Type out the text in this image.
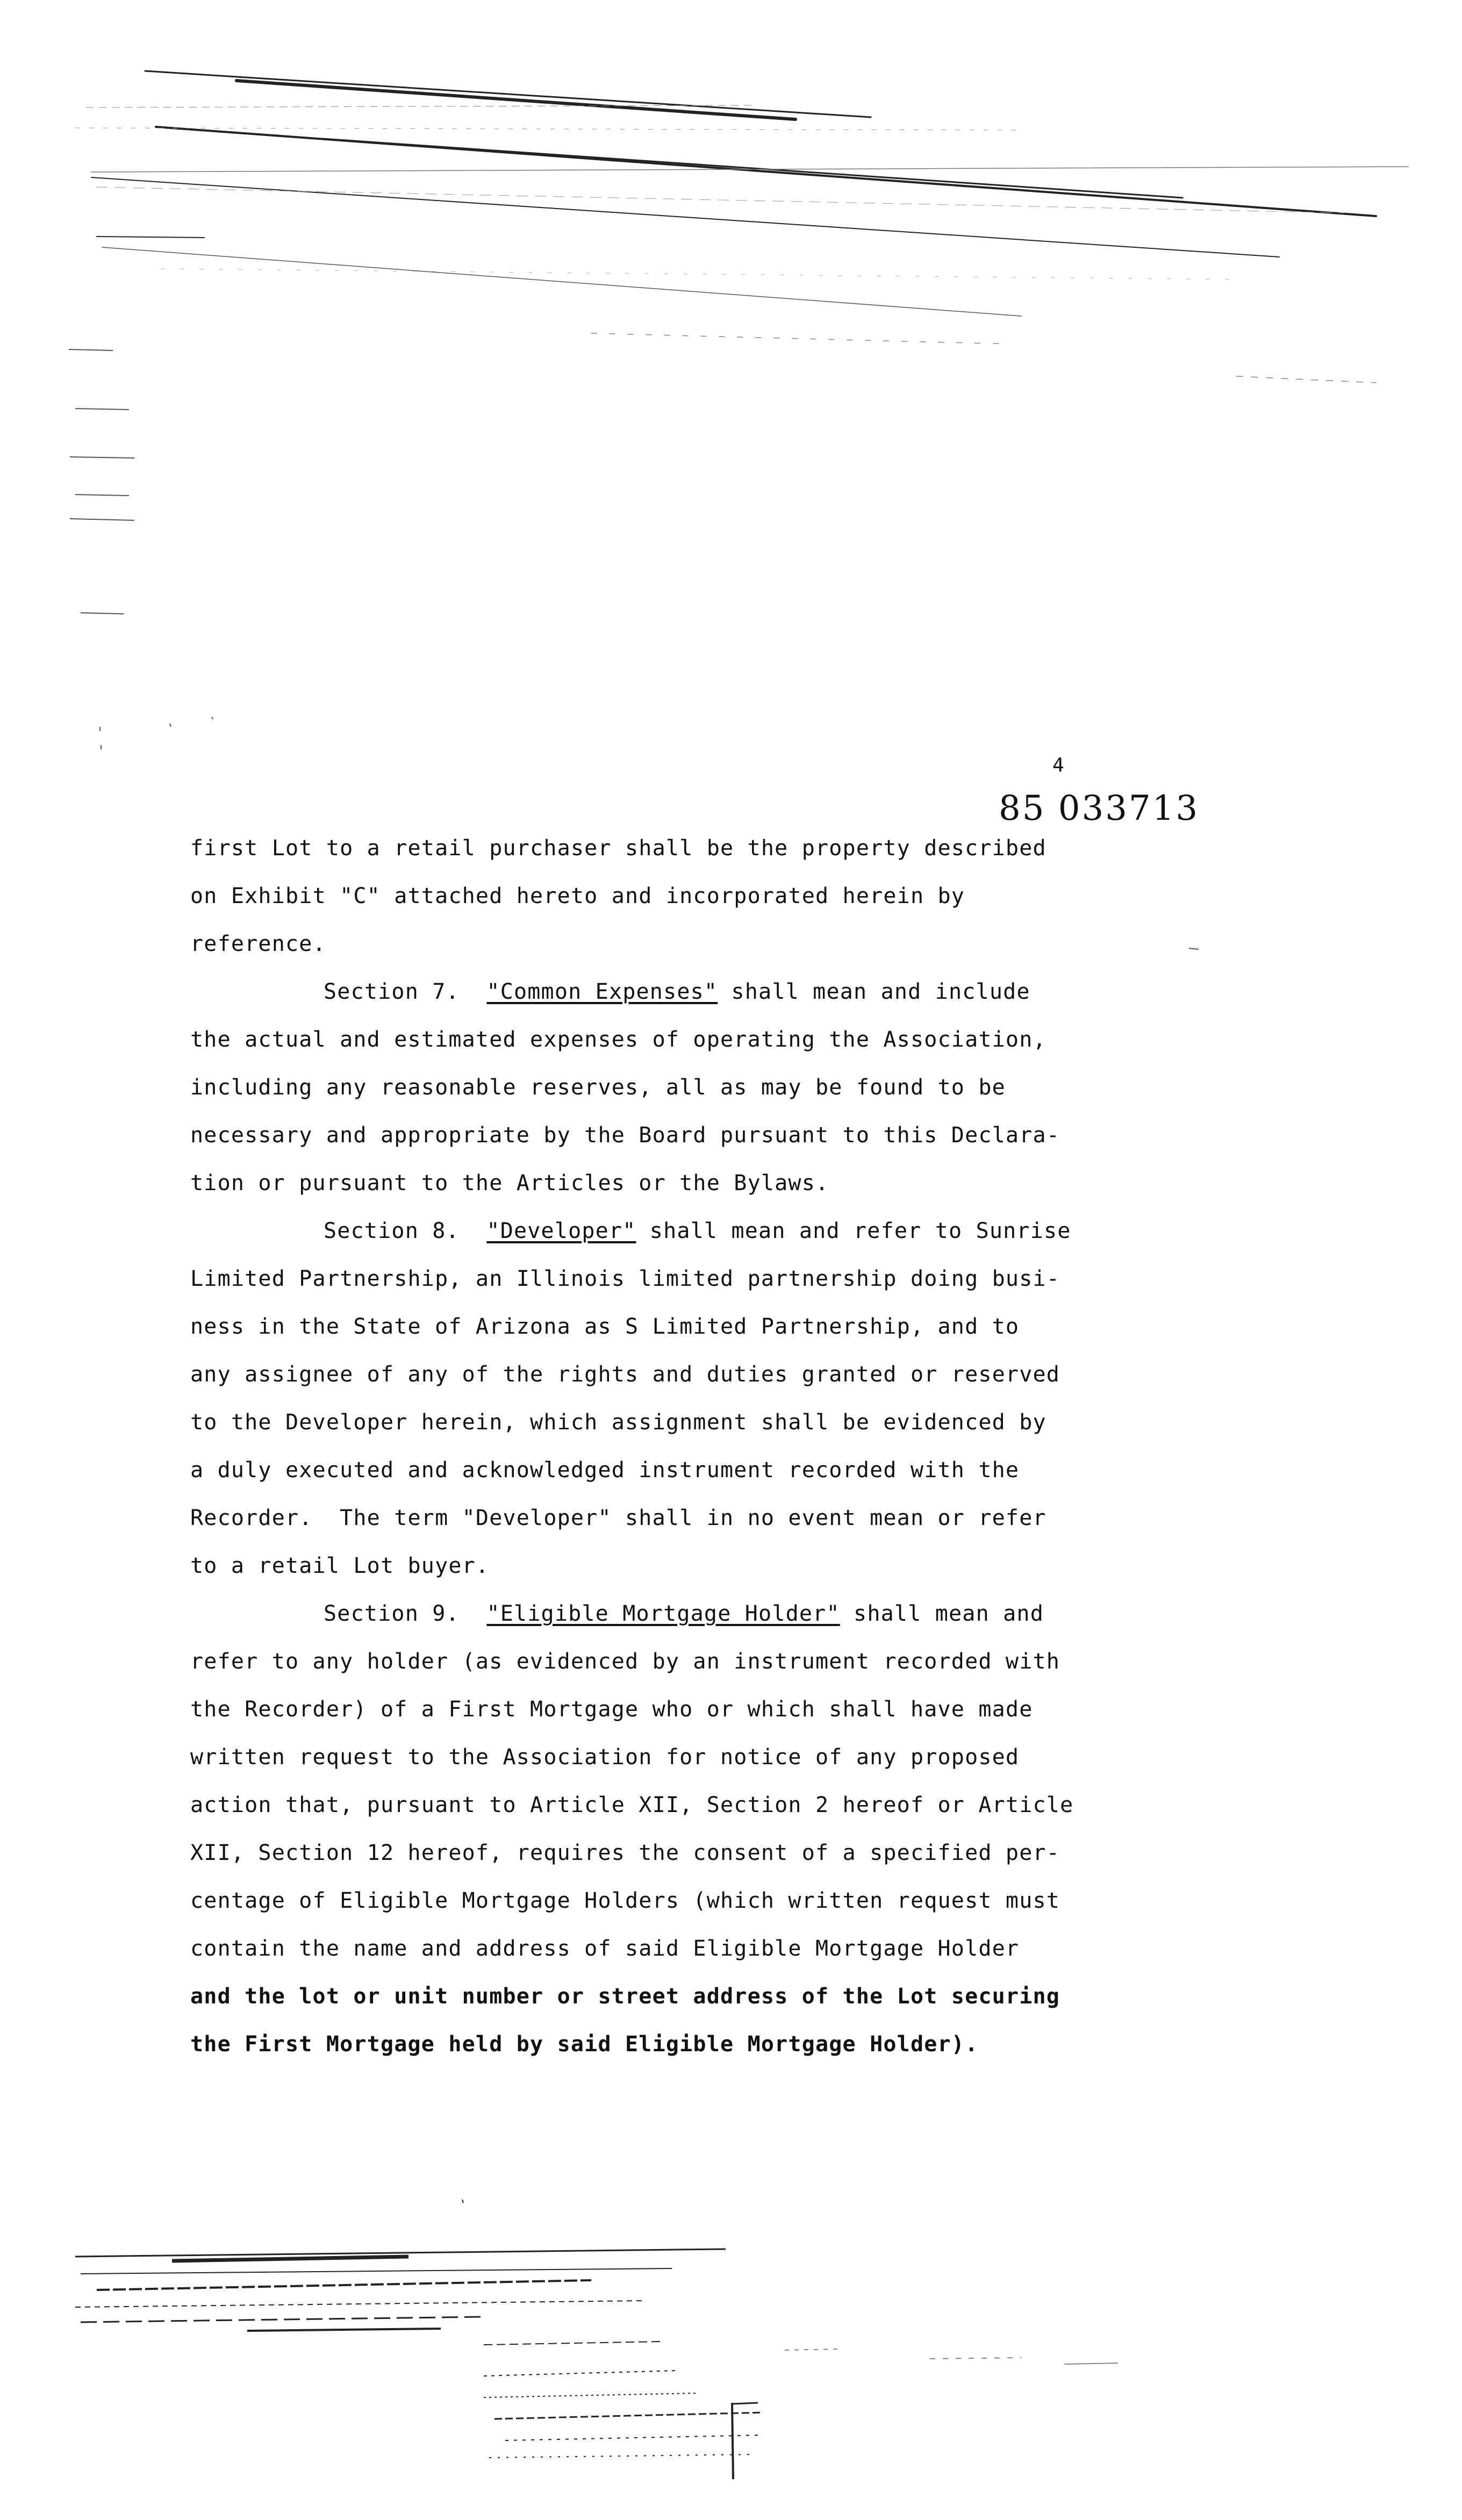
4
85 033713
first Lot to a retail purchaser shall be the property described
on Exhibit "C" attached hereto and incorporated herein by
reference.
Section 7. "Common Expenses" shall mean and include
the actual and estimated expenses of operating the Association,
including any reasonable reserves, all as may be found to be
necessary and appropriate by the Board pursuant to this Declara-
tion or pursuant to the Articles or the Bylaws.
Section 8. "Developer" shall mean and refer to Sunrise
Limited Partnership, an Illinois limited partnership doing busi-
ness in the State of Arizona as S Limited Partnership, and to
any assignee of any of the rights and duties granted or reserved
to the Developer herein, which assignment shall be evidenced by
a duly executed and acknowledged instrument recorded with the
Recorder.  The term "Developer" shall in no event mean or refer
to a retail Lot buyer.
Section 9. "Eligible Mortgage Holder" shall mean and
refer to any holder (as evidenced by an instrument recorded with
the Recorder) of a First Mortgage who or which shall have made
written request to the Association for notice of any proposed
action that, pursuant to Article XII, Section 2 hereof or Article
XII, Section 12 hereof, requires the consent of a specified per-
centage of Eligible Mortgage Holders (which written request must
contain the name and address of said Eligible Mortgage Holder
and the lot or unit number or street address of the Lot securing
the First Mortgage held by said Eligible Mortgage Holder).
